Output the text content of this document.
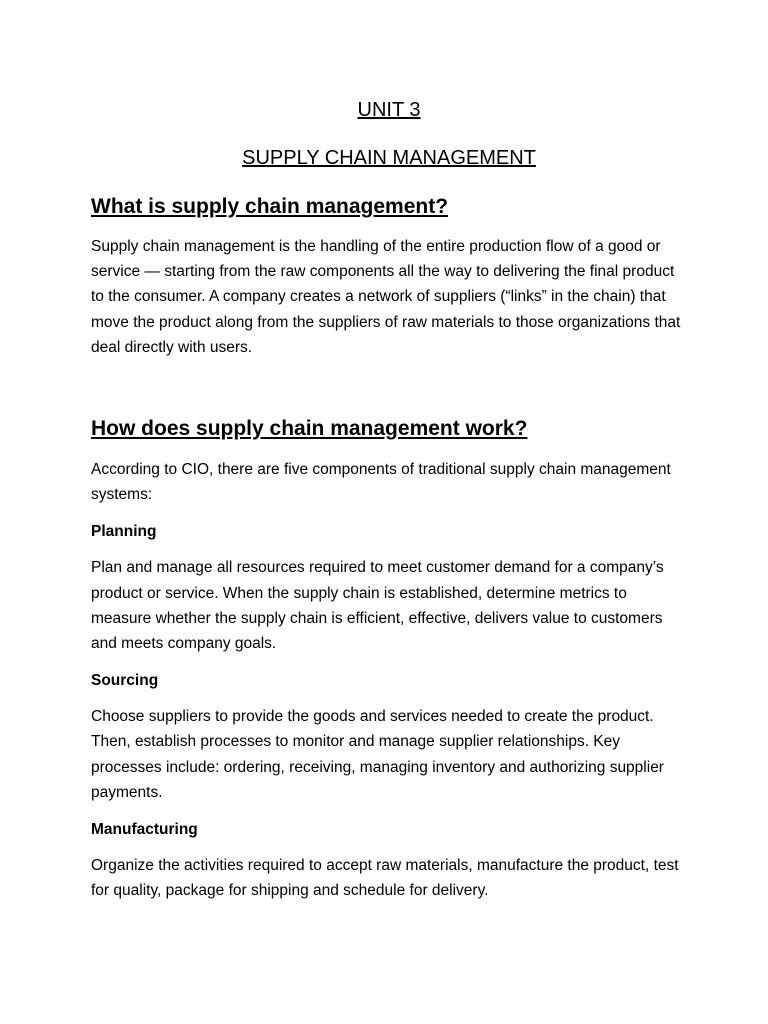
UNIT 3
SUPPLY CHAIN MANAGEMENT
What is supply chain management?

Supply chain management is the handling of the entire production flow of a good or service — starting from the raw components all the way to delivering the final product to the consumer. A company creates a network of suppliers (“links” in the chain) that move the product along from the suppliers of raw materials to those organizations that deal directly with users.

How does supply chain management work?

According to CIO, there are five components of traditional supply chain management systems:

Planning

Plan and manage all resources required to meet customer demand for a company’s product or service. When the supply chain is established, determine metrics to measure whether the supply chain is efficient, effective, delivers value to customers and meets company goals.

Sourcing

Choose suppliers to provide the goods and services needed to create the product. Then, establish processes to monitor and manage supplier relationships. Key processes include: ordering, receiving, managing inventory and authorizing supplier payments.

Manufacturing

Organize the activities required to accept raw materials, manufacture the product, test for quality, package for shipping and schedule for delivery.
